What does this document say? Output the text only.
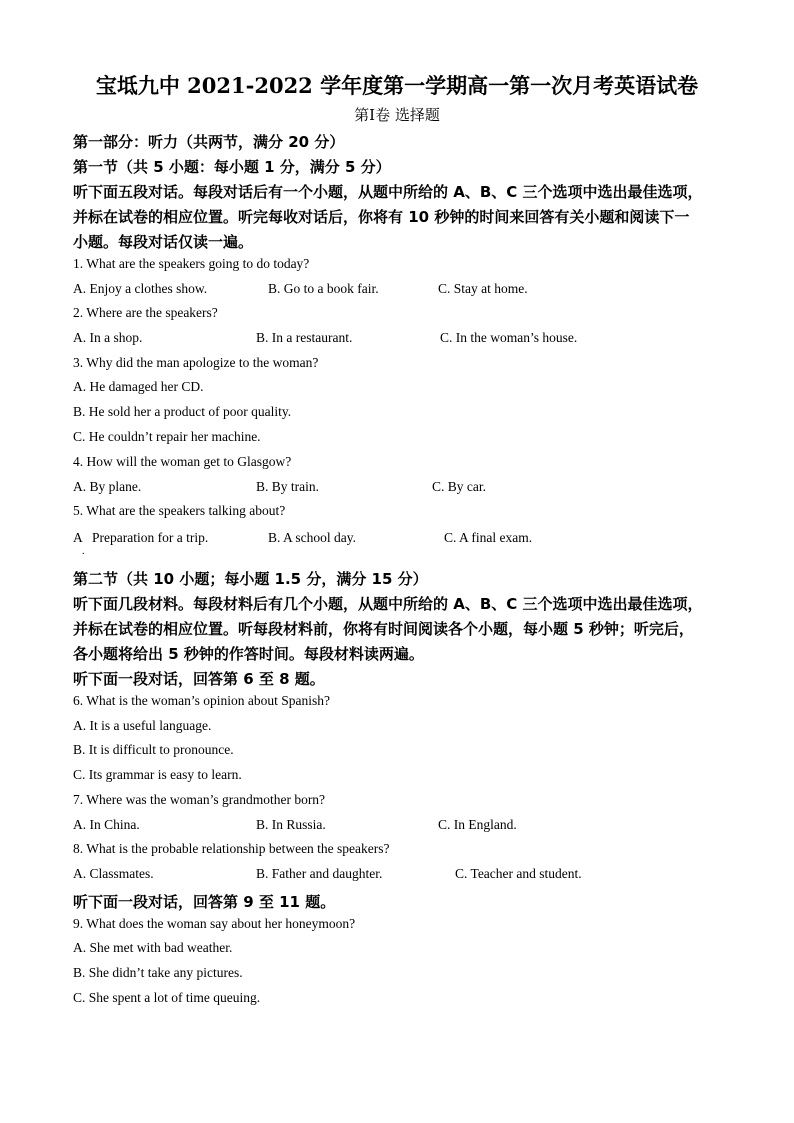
宝坻九中 2021-2022 学年度第一学期高一第一次月考英语试卷
第Ⅰ卷 选择题
第一部分：听力（共两节，满分 20 分）
第一节（共 5 小题：每小题 1 分，满分 5 分）
听下面五段对话。每段对话后有一个小题，从题中所给的 A、B、C 三个选项中选出最佳选项，
并标在试卷的相应位置。听完每收对话后，你将有 10 秒钟的时间来回答有关小题和阅读下一
小题。每段对话仅读一遍。
1. What are the speakers going to do today?
A. Enjoy a clothes show.	B. Go to a book fair.	C. Stay at home.
2. Where are the speakers?
A. In a shop.	B. In a restaurant.	C. In the woman’s house.
3. Why did the man apologize to the woman?
A. He damaged her CD.
B. He sold her a product of poor quality.
C. He couldn’t repair her machine.
4. How will the woman get to Glasgow?
A. By plane.	B. By train.	C. By car.
5. What are the speakers talking about?
A
.
Preparation for a trip.	B. A school day.	C. A final exam.
第二节（共 10 小题；每小题 1.5 分，满分 15 分）
听下面几段材料。每段材料后有几个小题，从题中所给的 A、B、C 三个选项中选出最佳选项，
并标在试卷的相应位置。听每段材料前，你将有时间阅读各个小题，每小题 5 秒钟；听完后，
各小题将给出 5 秒钟的作答时间。每段材料读两遍。
听下面一段对话，回答第 6 至 8 题。
6. What is the woman’s opinion about Spanish?
A. It is a useful language.
B. It is difficult to pronounce.
C. Its grammar is easy to learn.
7. Where was the woman’s grandmother born?
A. In China.	B. In Russia.	C. In England.
8. What is the probable relationship between the speakers?
A. Classmates.	B. Father and daughter.	C. Teacher and student.
听下面一段对话，回答第 9 至 11 题。
9. What does the woman say about her honeymoon?
A. She met with bad weather.
B. She didn’t take any pictures.
C. She spent a lot of time queuing.
